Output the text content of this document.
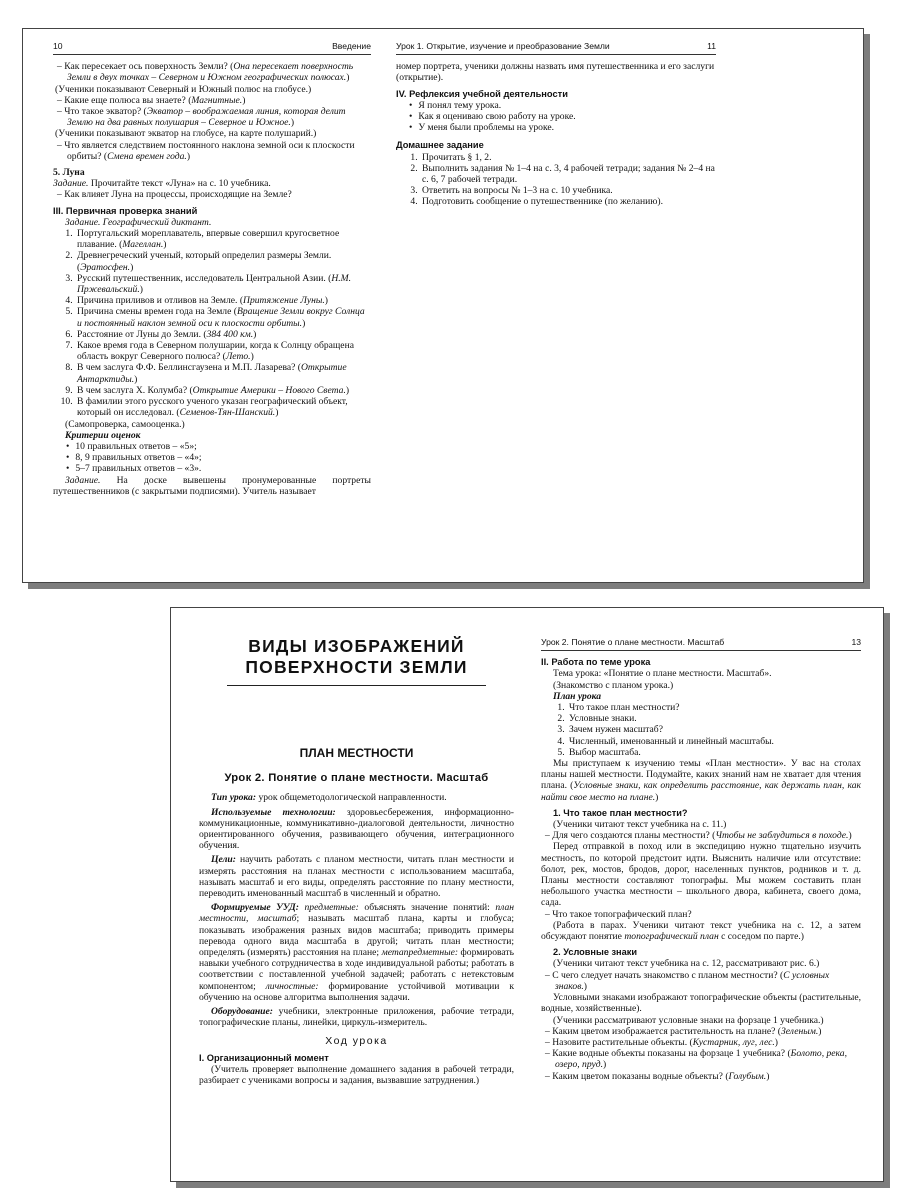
10	Введение
– Как пересекает ось поверхность Земли? (Она пересекает поверхность Земли в двух точках – Северном и Южном географических полюсах.)
(Ученики показывают Северный и Южный полюс на глобусе.)
– Какие еще полюса вы знаете? (Магнитные.)
– Что такое экватор? (Экватор – воображаемая линия, которая делит Землю на два равных полушария – Северное и Южное.)
(Ученики показывают экватор на глобусе, на карте полушарий.)
– Что является следствием постоянного наклона земной оси к плоскости орбиты? (Смена времен года.)
5. Луна
Задание. Прочитайте текст «Луна» на с. 10 учебника.
– Как влияет Луна на процессы, происходящие на Земле?
III. Первичная проверка знаний
Задание. Географический диктант.
1. Португальский мореплаватель, впервые совершил кругосветное плавание. (Магеллан.)
2. Древнегреческий ученый, который определил размеры Земли. (Эратосфен.)
3. Русский путешественник, исследователь Центральной Азии. (Н.М. Пржевальский.)
4. Причина приливов и отливов на Земле. (Притяжение Луны.)
5. Причина смены времен года на Земле (Вращение Земли вокруг Солнца и постоянный наклон земной оси к плоскости орбиты.)
6. Расстояние от Луны до Земли. (384 400 км.)
7. Какое время года в Северном полушарии, когда к Солнцу обращена область вокруг Северного полюса? (Лето.)
8. В чем заслуга Ф.Ф. Беллинсгаузена и М.П. Лазарева? (Открытие Антарктиды.)
9. В чем заслуга Х. Колумба? (Открытие Америки – Нового Света.)
10. В фамилии этого русского ученого указан географический объект, который он исследовал. (Семенов-Тян-Шанский.)
(Самопроверка, самооценка.)
Критерии оценок
• 10 правильных ответов – «5»;
• 8, 9 правильных ответов – «4»;
• 5–7 правильных ответов – «3».
Задание. На доске вывешены пронумерованные портреты путешественников (с закрытыми подписями). Учитель называет
Урок 1. Открытие, изучение и преобразование Земли	11
номер портрета, ученики должны назвать имя путешественника и его заслуги (открытие).
IV. Рефлексия учебной деятельности
• Я понял тему урока.
• Как я оцениваю свою работу на уроке.
• У меня были проблемы на уроке.
Домашнее задание
1. Прочитать § 1, 2.
2. Выполнить задания № 1–4 на с. 3, 4 рабочей тетради; задания № 2–4 на с. 6, 7 рабочей тетради.
3. Ответить на вопросы № 1–3 на с. 10 учебника.
4. Подготовить сообщение о путешественнике (по желанию).
ВИДЫ ИЗОБРАЖЕНИЙ
ПОВЕРХНОСТИ ЗЕМЛИ
ПЛАН МЕСТНОСТИ
Урок 2. Понятие о плане местности. Масштаб
Тип урока: урок общеметодологической направленности.
Используемые технологии: здоровьесбережения, информационно-коммуникационные, коммуникативно-диалоговой деятельности, личностно ориентированного обучения, развивающего обучения, интеграционного обучения.
Цели: научить работать с планом местности, читать план местности и измерять расстояния на планах местности с использованием масштаба, называть масштаб и его виды, определять расстояние по плану местности, переводить именованный масштаб в численный и обратно.
Формируемые УУД: предметные: объяснять значение понятий: план местности, масштаб; называть масштаб плана, карты и глобуса; показывать изображения разных видов масштаба; приводить примеры перевода одного вида масштаба в другой; читать план местности; определять (измерять) расстояния на плане; метапредметные: формировать навыки учебного сотрудничества в ходе индивидуальной работы; работать в соответствии с поставленной учебной задачей; работать с нетекстовым компонентом; личностные: формирование устойчивой мотивации к обучению на основе алгоритма выполнения задачи.
Оборудование: учебники, электронные приложения, рабочие тетради, топографические планы, линейки, циркуль-измеритель.
Ход урока
I. Организационный момент
(Учитель проверяет выполнение домашнего задания в рабочей тетради, разбирает с учениками вопросы и задания, вызвавшие затруднения.)
Урок 2. Понятие о плане местности. Масштаб	13
II. Работа по теме урока
Тема урока: «Понятие о плане местности. Масштаб».
(Знакомство с планом урока.)
План урока
1. Что такое план местности?
2. Условные знаки.
3. Зачем нужен масштаб?
4. Численный, именованный и линейный масштабы.
5. Выбор масштаба.
Мы приступаем к изучению темы «План местности». У вас на столах планы нашей местности. Подумайте, каких знаний нам не хватает для чтения плана. (Условные знаки, как определить расстояние, как держать план, как найти свое место на плане.)
1. Что такое план местности?
(Ученики читают текст учебника на с. 11.)
– Для чего создаются планы местности? (Чтобы не заблудиться в походе.)
Перед отправкой в поход или в экспедицию нужно тщательно изучить местность, по которой предстоит идти. Выяснить наличие или отсутствие: болот, рек, мостов, бродов, дорог, населенных пунктов, родников и т. д. Планы местности составляют топографы. Мы можем составить план небольшого участка местности – школьного двора, кабинета, своего дома, сада.
– Что такое топографический план?
(Работа в парах. Ученики читают текст учебника на с. 12, а затем обсуждают понятие топографический план с соседом по парте.)
2. Условные знаки
(Ученики читают текст учебника на с. 12, рассматривают рис. 6.)
– С чего следует начать знакомство с планом местности? (С условных знаков.)
Условными знаками изображают топографические объекты (растительные, водные, хозяйственные).
(Ученики рассматривают условные знаки на форзаце 1 учебника.)
– Каким цветом изображается растительность на плане? (Зеленым.)
– Назовите растительные объекты. (Кустарник, луг, лес.)
– Какие водные объекты показаны на форзаце 1 учебника? (Болото, река, озеро, пруд.)
– Каким цветом показаны водные объекты? (Голубым.)
